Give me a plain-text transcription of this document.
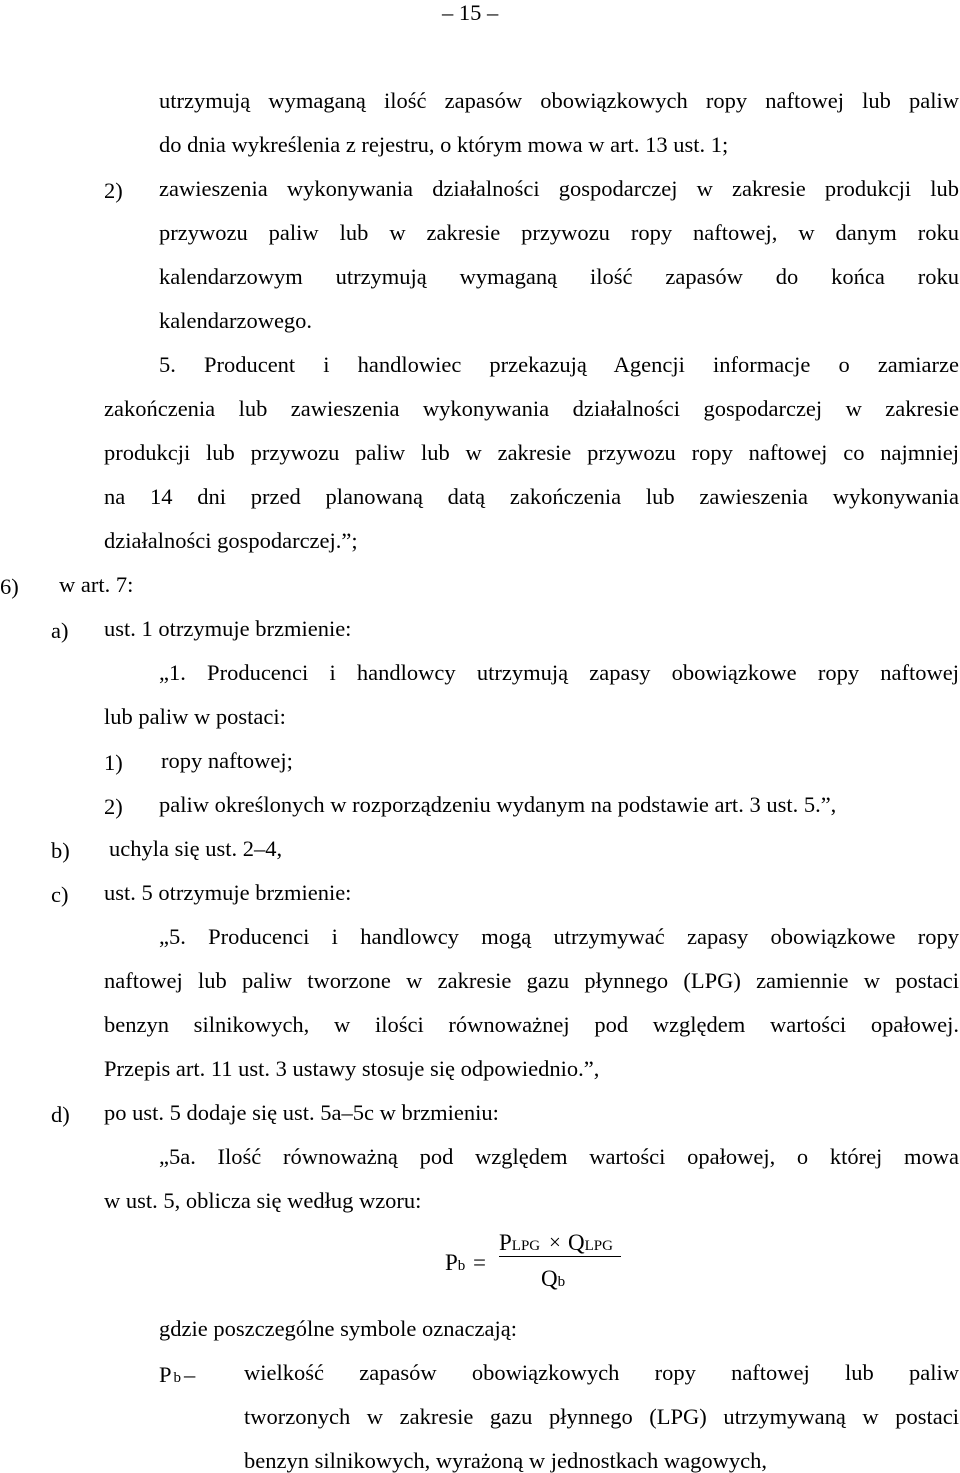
– 15 –
utrzymują wymaganą ilość zapasów obowiązkowych ropy naftowej lub paliw
do dnia wykreślenia z rejestru, o którym mowa w art. 13 ust. 1;
2) zawieszenia wykonywania działalności gospodarczej w zakresie produkcji lub
przywozu paliw lub w zakresie przywozu ropy naftowej, w danym roku
kalendarzowym utrzymują wymaganą ilość zapasów do końca roku
kalendarzowego.
5. Producent i handlowiec przekazują Agencji informacje o zamiarze
zakończenia lub zawieszenia wykonywania działalności gospodarczej w zakresie
produkcji lub przywozu paliw lub w zakresie przywozu ropy naftowej co najmniej
na 14 dni przed planowaną datą zakończenia lub zawieszenia wykonywania
działalności gospodarczej.”;
6) w art. 7:
a) ust. 1 otrzymuje brzmienie:
„1. Producenci i handlowcy utrzymują zapasy obowiązkowe ropy naftowej
lub paliw w postaci:
1) ropy naftowej;
2) paliw określonych w rozporządzeniu wydanym na podstawie art. 3 ust. 5.”,
b) uchyla się ust. 2–4,
c) ust. 5 otrzymuje brzmienie:
„5. Producenci i handlowcy mogą utrzymywać zapasy obowiązkowe ropy
naftowej lub paliw tworzone w zakresie gazu płynnego (LPG) zamiennie w postaci
benzyn silnikowych, w ilości równoważnej pod względem wartości opałowej.
Przepis art. 11 ust. 3 ustawy stosuje się odpowiednio.”,
d) po ust. 5 dodaje się ust. 5a–5c w brzmieniu:
„5a. Ilość równoważną pod względem wartości opałowej, o której mowa
w ust. 5, oblicza się według wzoru:
Pb =
PLPG × QLPG
Qb
gdzie poszczególne symbole oznaczają:
Pb – wielkość zapasów obowiązkowych ropy naftowej lub paliw
tworzonych w zakresie gazu płynnego (LPG) utrzymywaną w postaci
benzyn silnikowych, wyrażoną w jednostkach wagowych,
